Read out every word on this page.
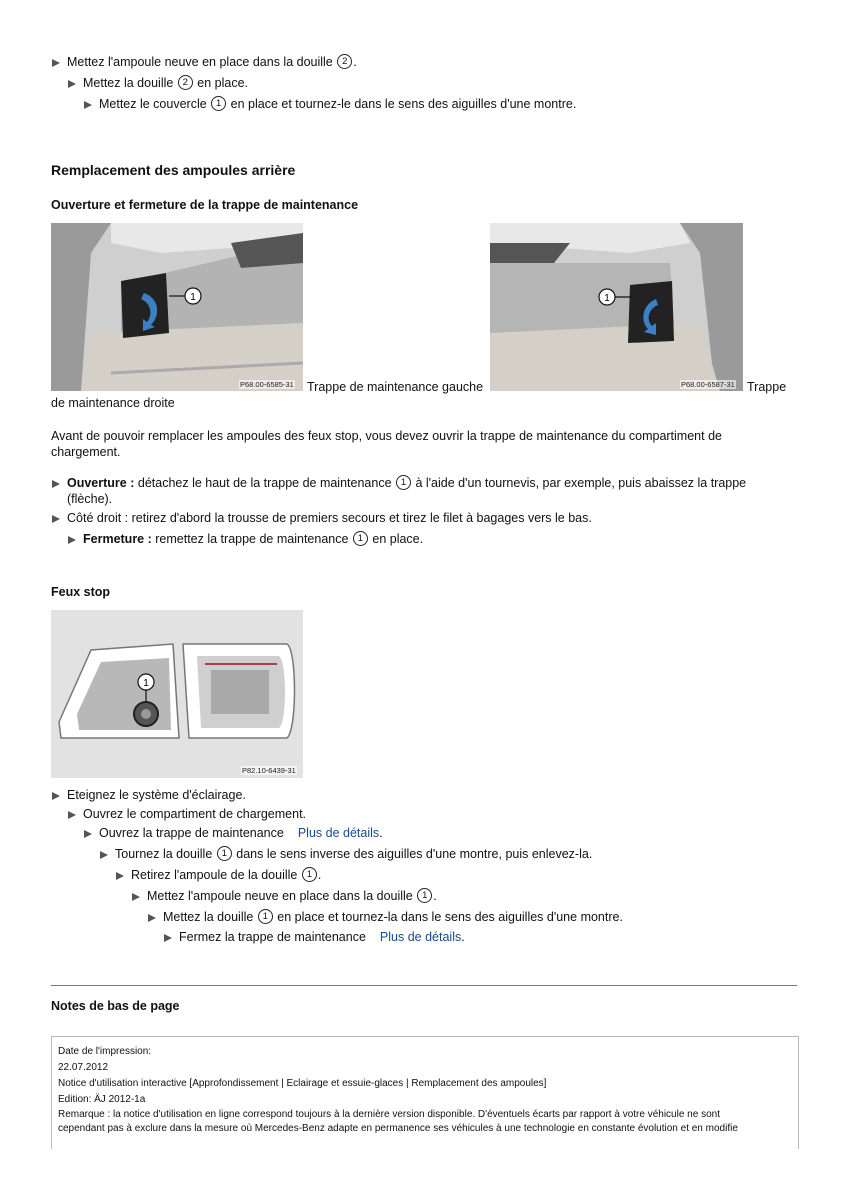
Mettez l'ampoule neuve en place dans la douille 2 .
Mettez la douille 2 en place.
Mettez le couvercle 1 en place et tournez-le dans le sens des aiguilles d'une montre.
Remplacement des ampoules arrière
Ouverture et fermeture de la trappe de maintenance
1
P68.00-6585-31 Trappe de maintenance gauche
1
P68.00-6587-31 Trappe
de maintenance droite
Avant de pouvoir remplacer les ampoules des feux stop, vous devez ouvrir la trappe de maintenance du compartiment de chargement.
Ouverture : détachez le haut de la trappe de maintenance 1 à l'aide d'un tournevis, par exemple, puis abaissez la trappe
(flèche).
Côté droit : retirez d'abord la trousse de premiers secours et tirez le filet à bagages vers le bas.
Fermeture : remettez la trappe de maintenance 1 en place.
Feux stop
1
P82.10-6439-31
Eteignez le système d'éclairage.
Ouvrez le compartiment de chargement.
Ouvrez la trappe de maintenance Plus de détails.
Tournez la douille 1 dans le sens inverse des aiguilles d'une montre, puis enlevez-la.
Retirez l'ampoule de la douille 1 .
Mettez l'ampoule neuve en place dans la douille 1 .
Mettez la douille 1 en place et tournez-la dans le sens des aiguilles d'une montre.
Fermez la trappe de maintenance Plus de détails.
Notes de bas de page
Date de l'impression:
22.07.2012
Notice d'utilisation interactive [Approfondissement | Eclairage et essuie-glaces | Remplacement des ampoules]
Edition: ÄJ 2012-1a
Remarque : la notice d'utilisation en ligne correspond toujours à la dernière version disponible. D'éventuels écarts par rapport à votre véhicule ne sont
cependant pas à exclure dans la mesure où Mercedes-Benz adapte en permanence ses véhicules à une technologie en constante évolution et en modifie
